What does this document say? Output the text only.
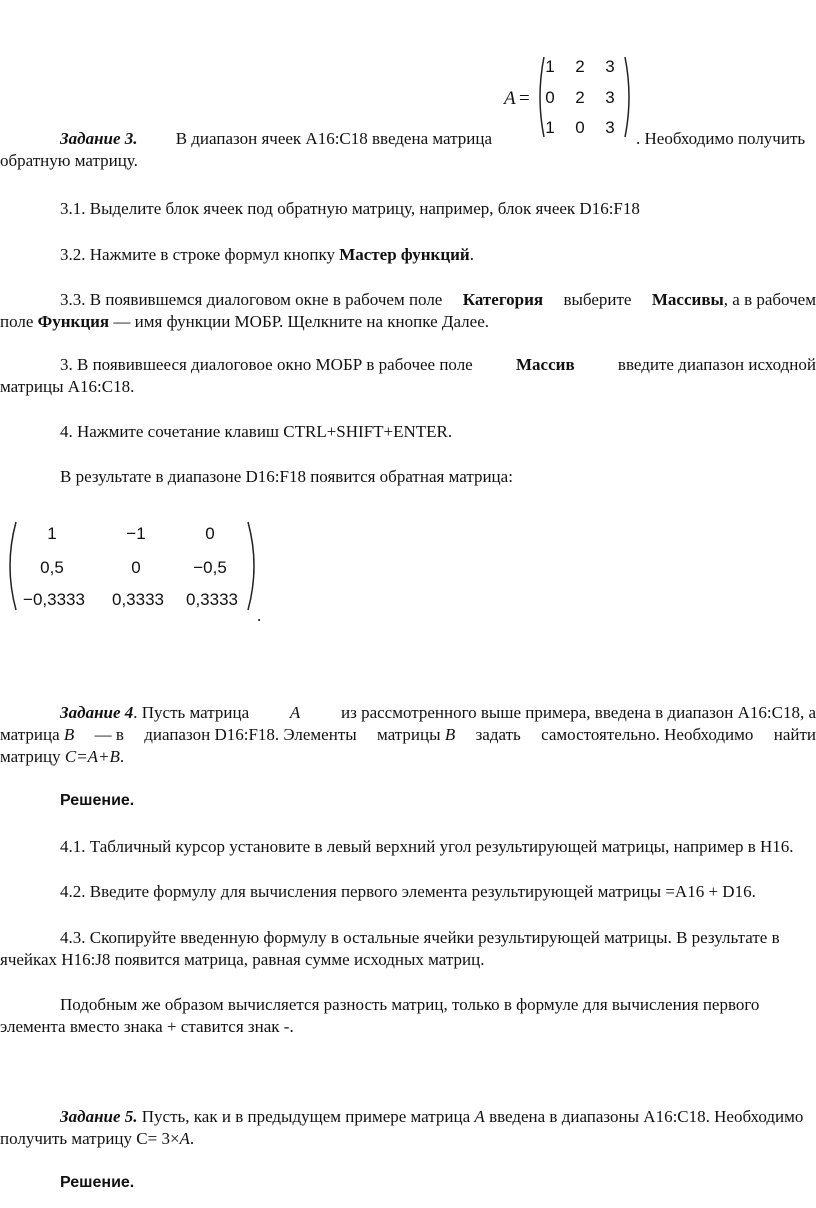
A =
1	2	3
0	2	3
1	0	3
Задание 3. В диапазон ячеек A16:C18 введена матрица	. Необходимо получить
обратную матрицу.
3.1. Выделите блок ячеек под обратную матрицу, например, блок ячеек D16:F18
3.2. Нажмите в строке формул кнопку Мастер функций.
3.3. В появившемся диалоговом окне в рабочем поле Категория выберите Массивы, а в рабочем
поле Функция — имя функции МОБР. Щелкните на кнопке Далее.
3. В появившееся диалоговое окно МОБР в рабочее поле	Массив	введите диапазон исходной
матрицы A16:C18.
4. Нажмите сочетание клавиш CTRL+SHIFT+ENTER.
В результате в диапазоне D16:F18 появится обратная матрица:
1	−1	0
0,5	0	−0,5
−0,3333	0,3333	0,3333
.
Задание 4. Пусть матрица A из рассмотренного выше примера, введена в диапазон A16:C18, а
матрица B — в диапазон D16:F18. Элементы матрицы B задать самостоятельно. Необходимо найти
матрицу C=A+B.
Решение.
4.1. Табличный курсор установите в левый верхний угол результирующей матрицы, например в H16.
4.2. Введите формулу для вычисления первого элемента результирующей матрицы =A16 + D16.
4.3. Скопируйте введенную формулу в остальные ячейки результирующей матрицы. В результате в
ячейках H16:J8 появится матрица, равная сумме исходных матриц.
Подобным же образом вычисляется разность матриц, только в формуле для вычисления первого
элемента вместо знака + ставится знак -.
Задание 5. Пусть, как и в предыдущем примере матрица A введена в диапазоны A16:C18. Необходимо
получить матрицу C= 3×A.
Решение.
